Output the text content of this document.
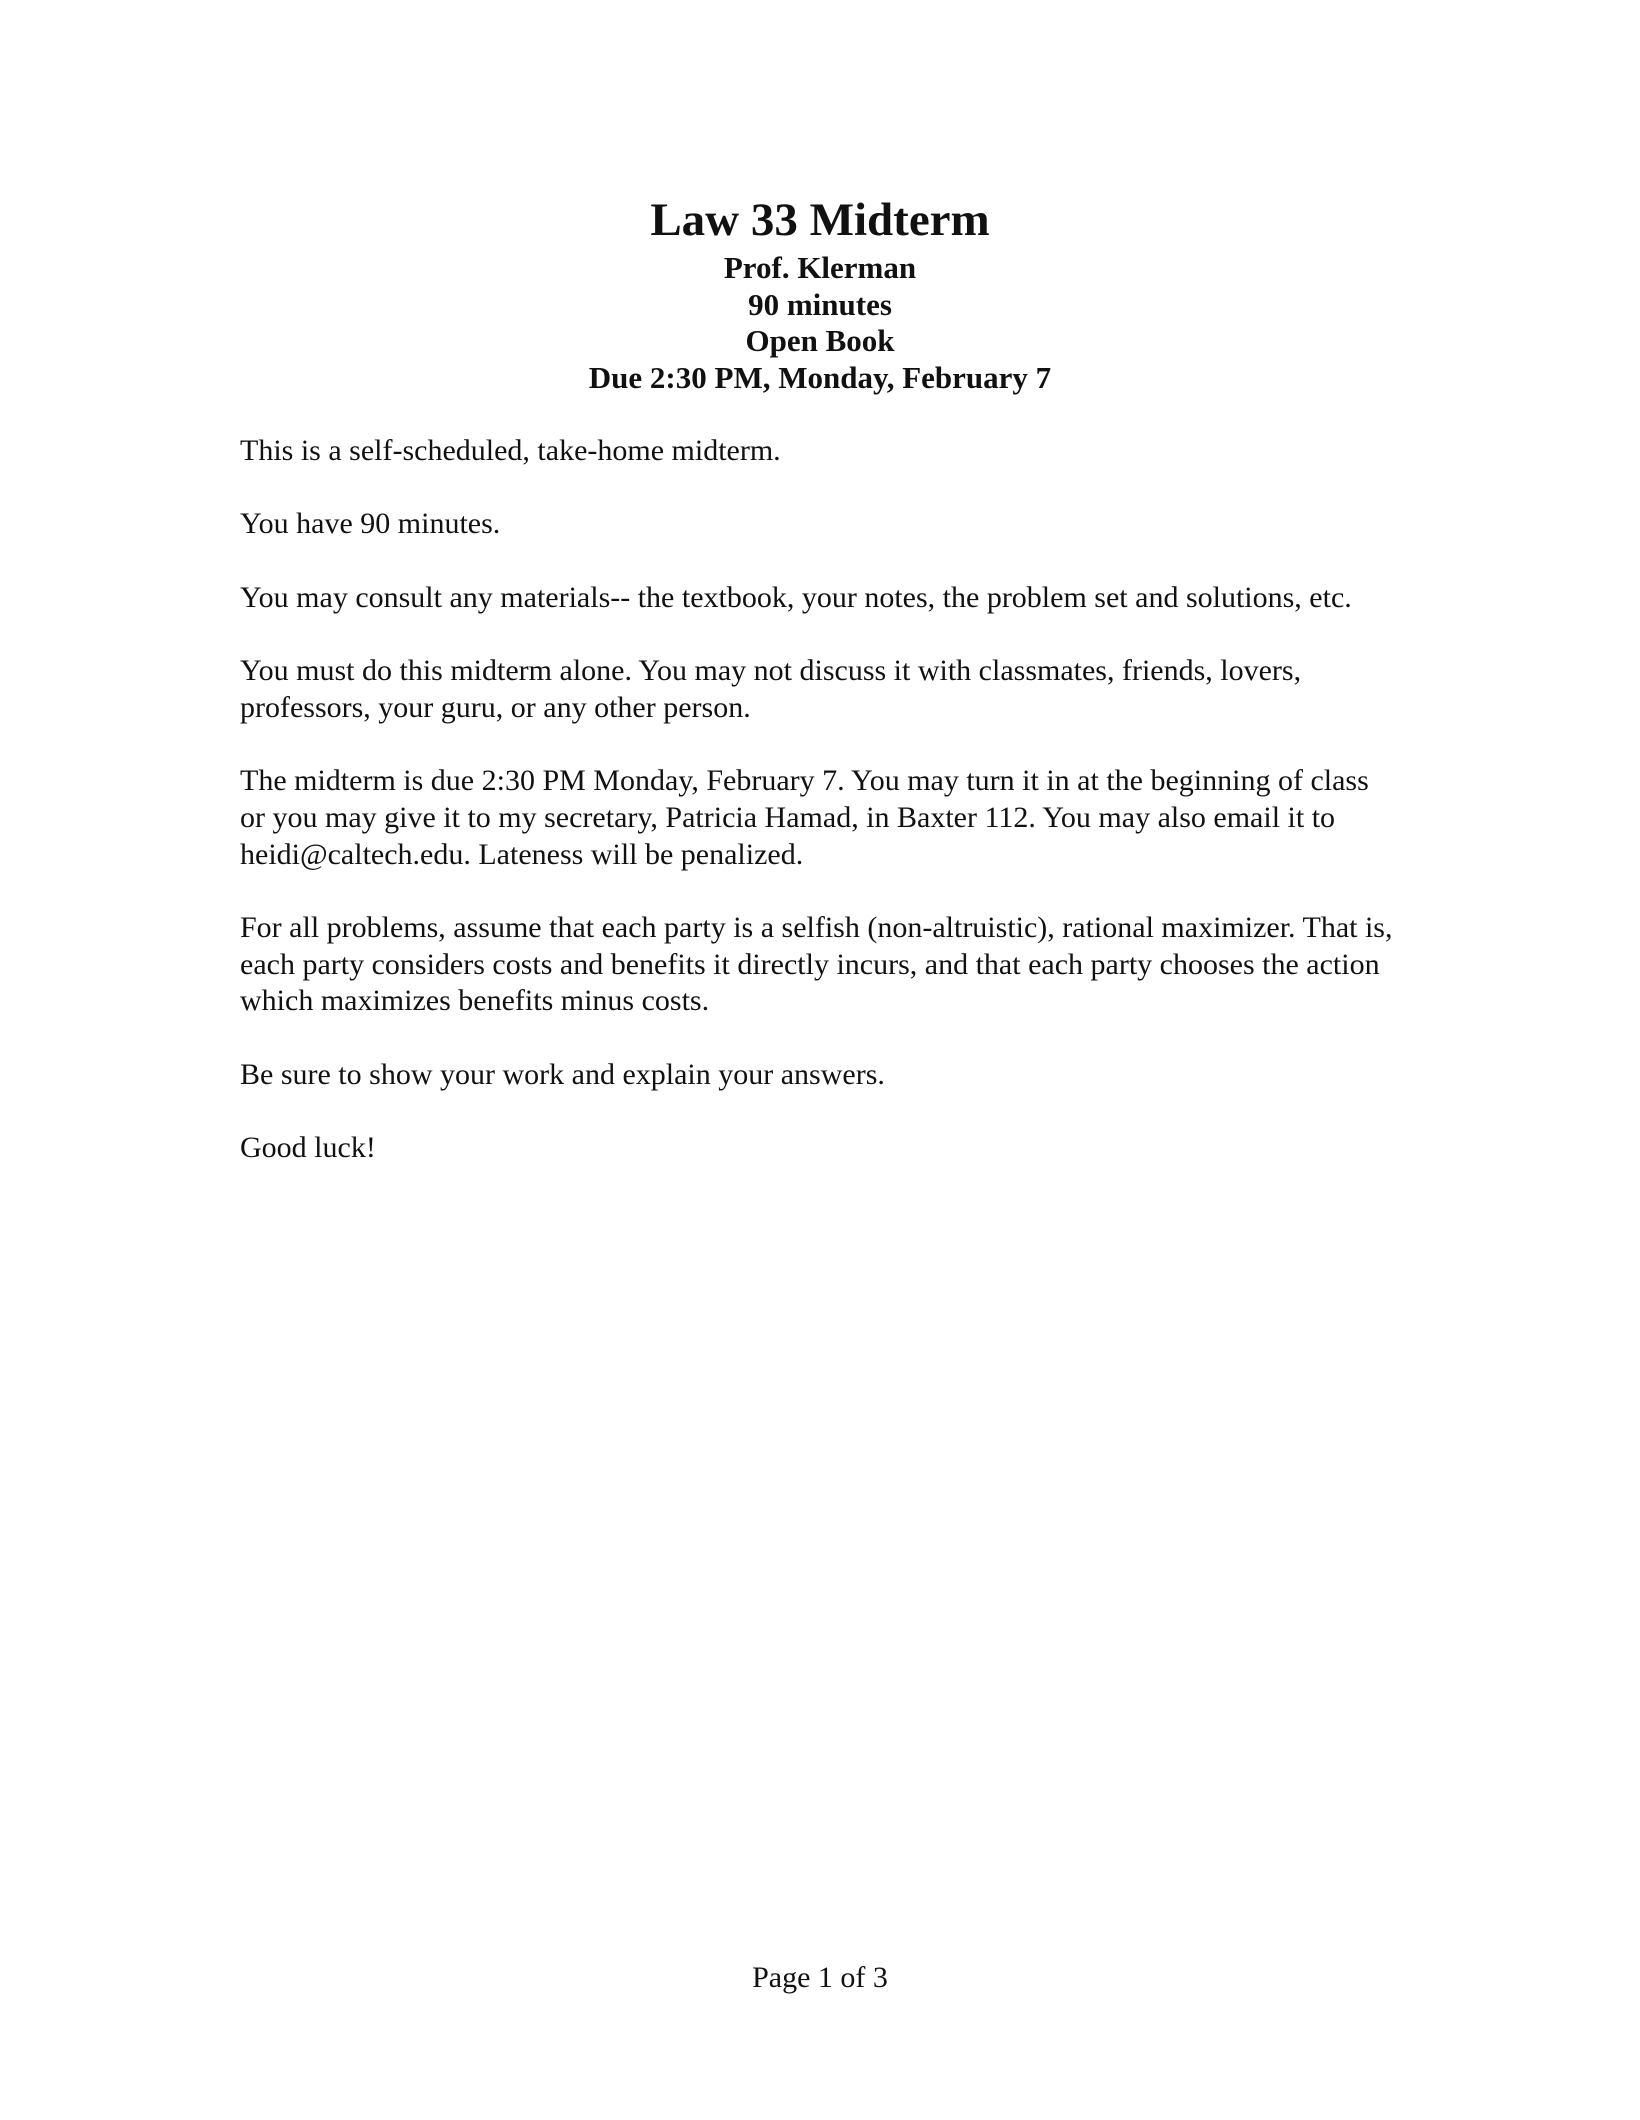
Law 33 Midterm
Prof. Klerman
90 minutes
Open Book
Due 2:30 PM, Monday, February 7

This is a self-scheduled, take-home midterm.

You have 90 minutes.

You may consult any materials-- the textbook, your notes, the problem set and solutions, etc.

You must do this midterm alone. You may not discuss it with classmates, friends, lovers, professors, your guru, or any other person.

The midterm is due 2:30 PM Monday, February 7. You may turn it in at the beginning of class or you may give it to my secretary, Patricia Hamad, in Baxter 112. You may also email it to heidi@caltech.edu. Lateness will be penalized.

For all problems, assume that each party is a selfish (non-altruistic), rational maximizer. That is, each party considers costs and benefits it directly incurs, and that each party chooses the action which maximizes benefits minus costs.

Be sure to show your work and explain your answers.

Good luck!

Page 1 of 3
